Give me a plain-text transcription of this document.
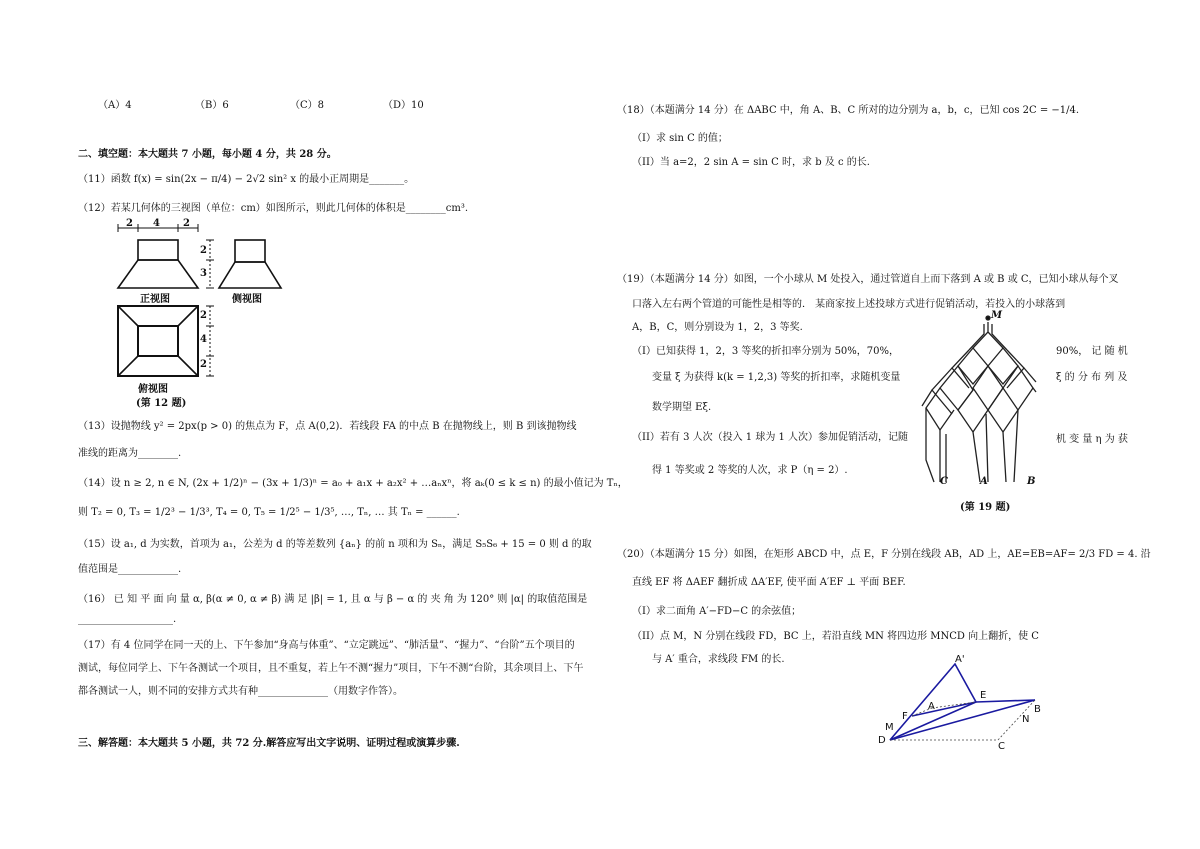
（A）4	（B）6	（C）8	（D）10
二、填空题：本大题共 7 小题，每小题 4 分，共 28 分。
（11）函数 f(x) = sin(2x − π/4) − 2√2 sin² x 的最小正周期是_______。
（12）若某几何体的三视图（单位：cm）如图所示，则此几何体的体积是________cm³.
2 4 2
2
3
2
4
2
正视图	侧视图
俯视图
(第 12 题)
（13）设抛物线 y² = 2px(p > 0) 的焦点为 F，点 A(0,2)．若线段 FA 的中点 B 在抛物线上，则 B 到该抛物线
准线的距离为________.
（14）设 n ≥ 2, n ∈ N, (2x + 1/2)ⁿ − (3x + 1/3)ⁿ = a₀ + a₁x + a₂x² + …aₙxⁿ，将 aₖ(0 ≤ k ≤ n) 的最小值记为 Tₙ，
则 T₂ = 0, T₃ = 1/2³ − 1/3³, T₄ = 0, T₅ = 1/2⁵ − 1/3⁵, …, Tₙ, … 其 Tₙ = ______.
（15）设 a₁, d 为实数，首项为 a₁，公差为 d 的等差数列 {aₙ} 的前 n 项和为 Sₙ，满足 S₅S₆ + 15 = 0 则 d 的取
值范围是____________.
（16） 已 知 平 面 向 量 α, β(α ≠ 0, α ≠ β) 满 足 |β| = 1, 且 α 与 β − α 的 夹 角 为 120° 则 |α| 的取值范围是
___________________.
（17）有 4 位同学在同一天的上、下午参加“身高与体重”、“立定跳远”、“肺活量”、“握力”、“台阶”五个项目的测试，每位同学上、下午各测试一个项目，且不重复，若上午不测“握力”项目，下午不测“台阶，其余项目上、下午都各测试一人，则不同的安排方式共有种______________（用数字作答）。
三、解答题：本大题共 5 小题，共 72 分.解答应写出文字说明、证明过程或演算步骤.
（18）（本题满分 14 分）在 ΔABC 中，角 A、B、C 所对的边分别为 a，b，c，已知 cos 2C = −1/4.
（I）求 sin C 的值；
（II）当 a=2，2 sin A = sin C 时，求 b 及 c 的长.
（19）（本题满分 14 分）如图，一个小球从 M 处投入，通过管道自上而下落到 A 或 B 或 C，已知小球从每个叉
口落入左右两个管道的可能性是相等的． 某商家按上述投球方式进行促销活动，若投入的小球落到
A，B，C，则分别设为 1，2，3 等奖.
（I）已知获得 1，2，3 等奖的折扣率分别为 50%，70%，	90%， 记 随 机
变量 ξ 为获得 k(k = 1,2,3) 等奖的折扣率，求随机变量	ξ 的 分 布 列 及
数学期望 Eξ.
（II）若有 3 人次（投入 1 球为 1 人次）参加促销活动，记随	机 变 量 η 为 获
得 1 等奖或 2 等奖的人次，求 P（η = 2）.
M
C	A	B
(第 19 题)
（20）（本题满分 15 分）如图，在矩形 ABCD 中，点 E，F 分别在线段 AB，AD 上，AE=EB=AF= 2/3 FD = 4. 沿
直线 EF 将 ΔAEF 翻折成 ΔA′EF, 使平面 A′EF ⊥ 平面 BEF.
（I）求二面角 A′−FD−C 的余弦值；
（II）点 M，N 分别在线段 FD，BC 上，若沿直线 MN 将四边形 MNCD 向上翻折，使 C
与 A′ 重合，求线段 FM 的长.	A'
E
A
F
B
N
M
D
C
